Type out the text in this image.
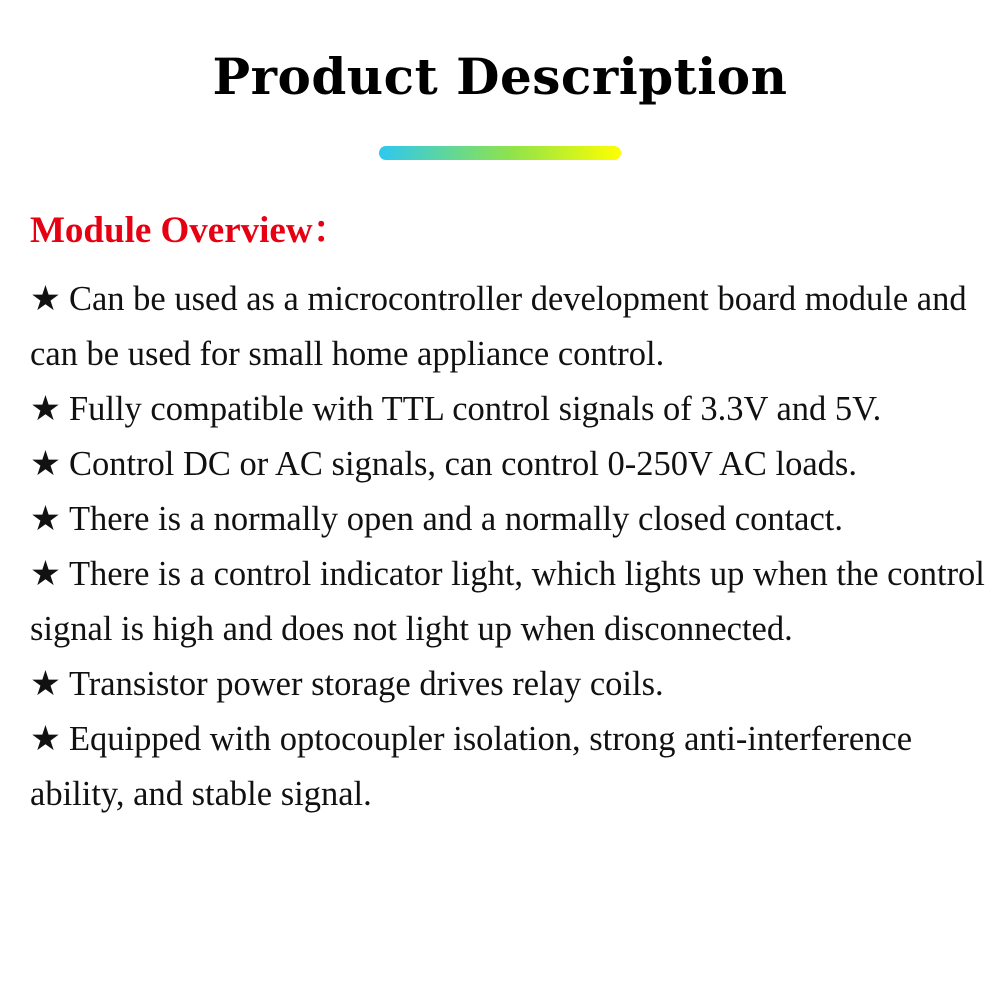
Product Description
Module Overview：
★ Can be used as a microcontroller development board module and can be used for small home appliance control.
★ Fully compatible with TTL control signals of 3.3V and 5V.
★ Control DC or AC signals, can control 0-250V AC loads.
★ There is a normally open and a normally closed contact.
★ There is a control indicator light, which lights up when the control signal is high and does not light up when disconnected.
★ Transistor power storage drives relay coils.
★ Equipped with optocoupler isolation, strong anti-interference ability, and stable signal.
